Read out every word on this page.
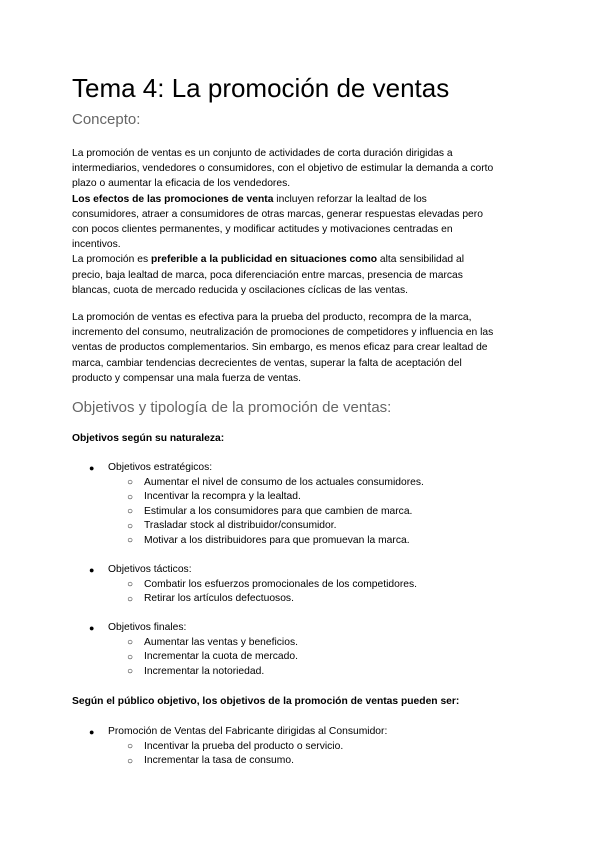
Tema 4: La promoción de ventas
Concepto:
La promoción de ventas es un conjunto de actividades de corta duración dirigidas a
intermediarios, vendedores o consumidores, con el objetivo de estimular la demanda a corto
plazo o aumentar la eficacia de los vendedores.
Los efectos de las promociones de venta incluyen reforzar la lealtad de los
consumidores, atraer a consumidores de otras marcas, generar respuestas elevadas pero
con pocos clientes permanentes, y modificar actitudes y motivaciones centradas en
incentivos.
La promoción es preferible a la publicidad en situaciones como alta sensibilidad al
precio, baja lealtad de marca, poca diferenciación entre marcas, presencia de marcas
blancas, cuota de mercado reducida y oscilaciones cíclicas de las ventas.
La promoción de ventas es efectiva para la prueba del producto, recompra de la marca,
incremento del consumo, neutralización de promociones de competidores y influencia en las
ventas de productos complementarios. Sin embargo, es menos eficaz para crear lealtad de
marca, cambiar tendencias decrecientes de ventas, superar la falta de aceptación del
producto y compensar una mala fuerza de ventas.
Objetivos y tipología de la promoción de ventas:
Objetivos según su naturaleza:
● Objetivos estratégicos:
○ Aumentar el nivel de consumo de los actuales consumidores.
○ Incentivar la recompra y la lealtad.
○ Estimular a los consumidores para que cambien de marca.
○ Trasladar stock al distribuidor/consumidor.
○ Motivar a los distribuidores para que promuevan la marca.
● Objetivos tácticos:
○ Combatir los esfuerzos promocionales de los competidores.
○ Retirar los artículos defectuosos.
● Objetivos finales:
○ Aumentar las ventas y beneficios.
○ Incrementar la cuota de mercado.
○ Incrementar la notoriedad.
Según el público objetivo, los objetivos de la promoción de ventas pueden ser:
● Promoción de Ventas del Fabricante dirigidas al Consumidor:
○ Incentivar la prueba del producto o servicio.
○ Incrementar la tasa de consumo.
